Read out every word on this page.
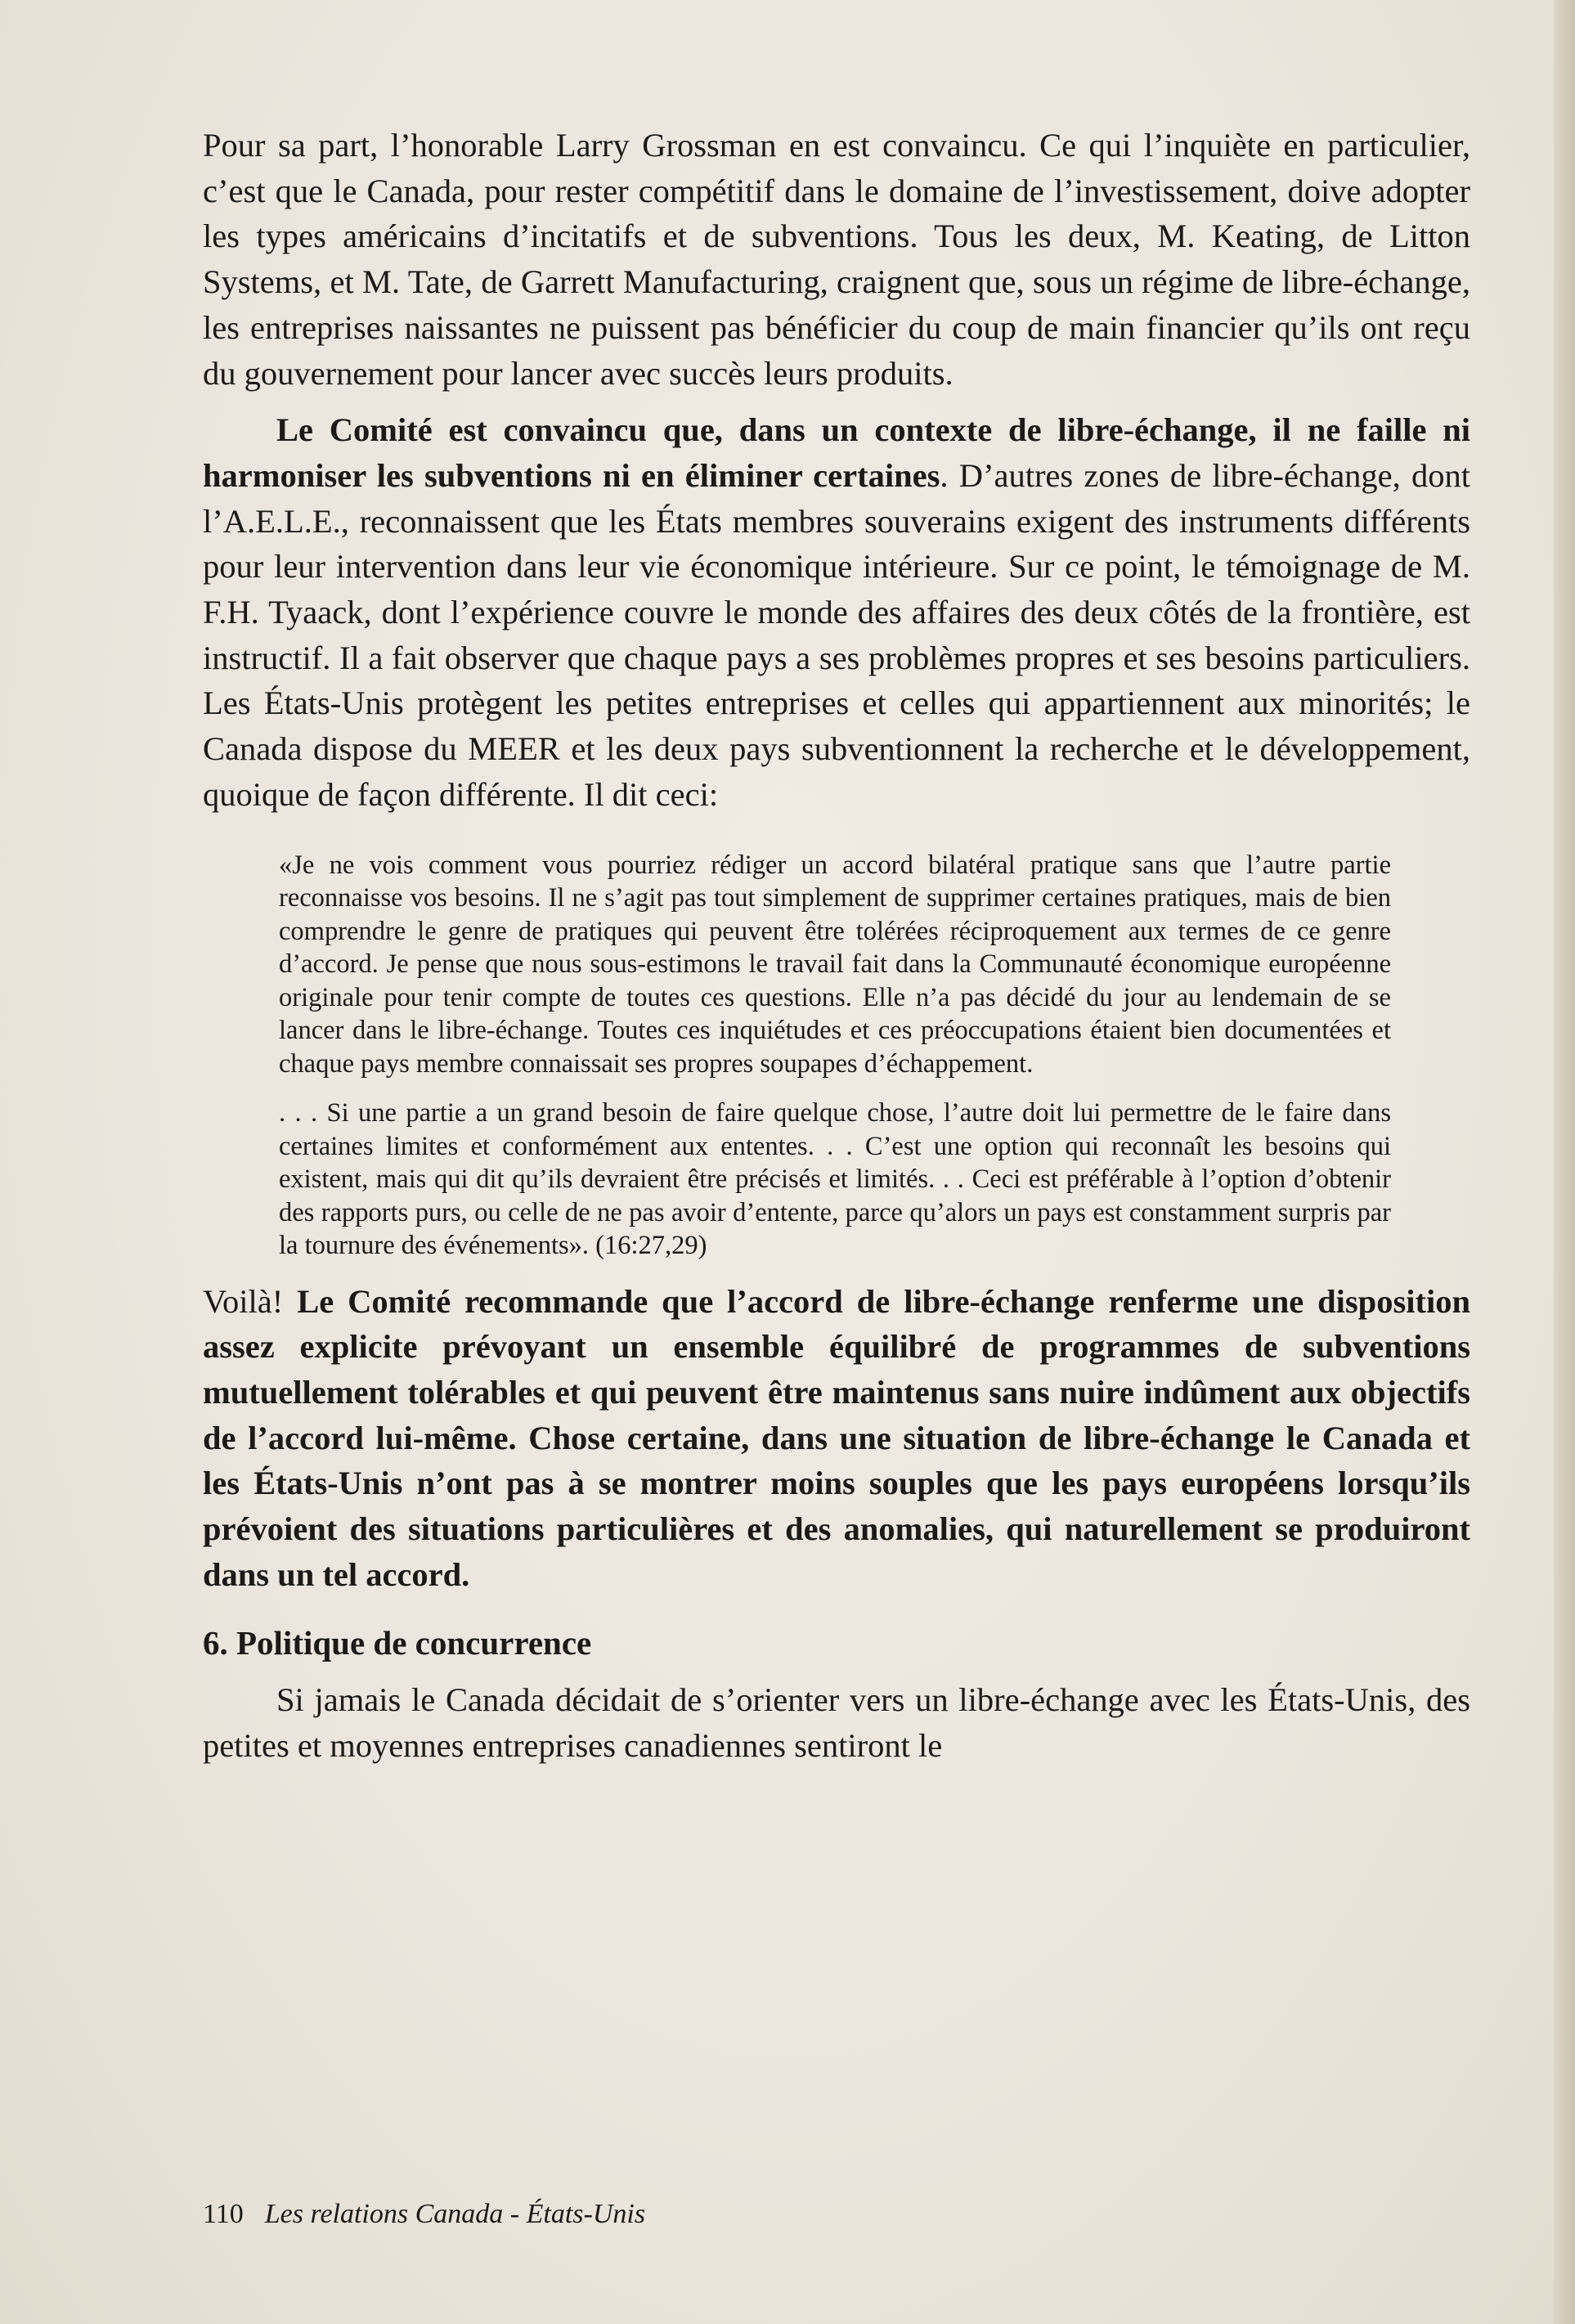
Pour sa part, l’honorable Larry Grossman en est convaincu. Ce qui l’inquiète en particulier, c’est que le Canada, pour rester compétitif dans le domaine de l’investissement, doive adopter les types américains d’incitatifs et de subventions. Tous les deux, M. Keating, de Litton Systems, et M. Tate, de Garrett Manufacturing, craignent que, sous un régime de libre-échange, les entreprises naissantes ne puissent pas bénéficier du coup de main financier qu’ils ont reçu du gouvernement pour lancer avec succès leurs produits.

Le Comité est convaincu que, dans un contexte de libre-échange, il ne faille ni harmoniser les subventions ni en éliminer certaines. D’autres zones de libre-échange, dont l’A.E.L.E., reconnaissent que les États membres souverains exigent des instruments différents pour leur intervention dans leur vie économique intérieure. Sur ce point, le témoignage de M. F.H. Tyaack, dont l’expérience couvre le monde des affaires des deux côtés de la frontière, est instructif. Il a fait observer que chaque pays a ses problèmes propres et ses besoins particuliers. Les États-Unis protègent les petites entreprises et celles qui appartiennent aux minorités; le Canada dispose du MEER et les deux pays subventionnent la recherche et le développement, quoique de façon différente. Il dit ceci:

«Je ne vois comment vous pourriez rédiger un accord bilatéral pratique sans que l’autre partie reconnaisse vos besoins. Il ne s’agit pas tout simplement de supprimer certaines pratiques, mais de bien comprendre le genre de pratiques qui peuvent être tolérées réciproquement aux termes de ce genre d’accord. Je pense que nous sous-estimons le travail fait dans la Communauté économique européenne originale pour tenir compte de toutes ces questions. Elle n’a pas décidé du jour au lendemain de se lancer dans le libre-échange. Toutes ces inquiétudes et ces préoccupations étaient bien documentées et chaque pays membre connaissait ses propres soupapes d’échappement.

. . . Si une partie a un grand besoin de faire quelque chose, l’autre doit lui permettre de le faire dans certaines limites et conformément aux ententes. . . C’est une option qui reconnaît les besoins qui existent, mais qui dit qu’ils devraient être précisés et limités. . . Ceci est préférable à l’option d’obtenir des rapports purs, ou celle de ne pas avoir d’entente, parce qu’alors un pays est constamment surpris par la tournure des événements». (16:27,29)

Voilà! Le Comité recommande que l’accord de libre-échange renferme une disposition assez explicite prévoyant un ensemble équilibré de programmes de subventions mutuellement tolérables et qui peuvent être maintenus sans nuire indûment aux objectifs de l’accord lui-même. Chose certaine, dans une situation de libre-échange le Canada et les États-Unis n’ont pas à se montrer moins souples que les pays européens lorsqu’ils prévoient des situations particulières et des anomalies, qui naturellement se produiront dans un tel accord.

6. Politique de concurrence

Si jamais le Canada décidait de s’orienter vers un libre-échange avec les États-Unis, des petites et moyennes entreprises canadiennes sentiront le

110 Les relations Canada - États-Unis
